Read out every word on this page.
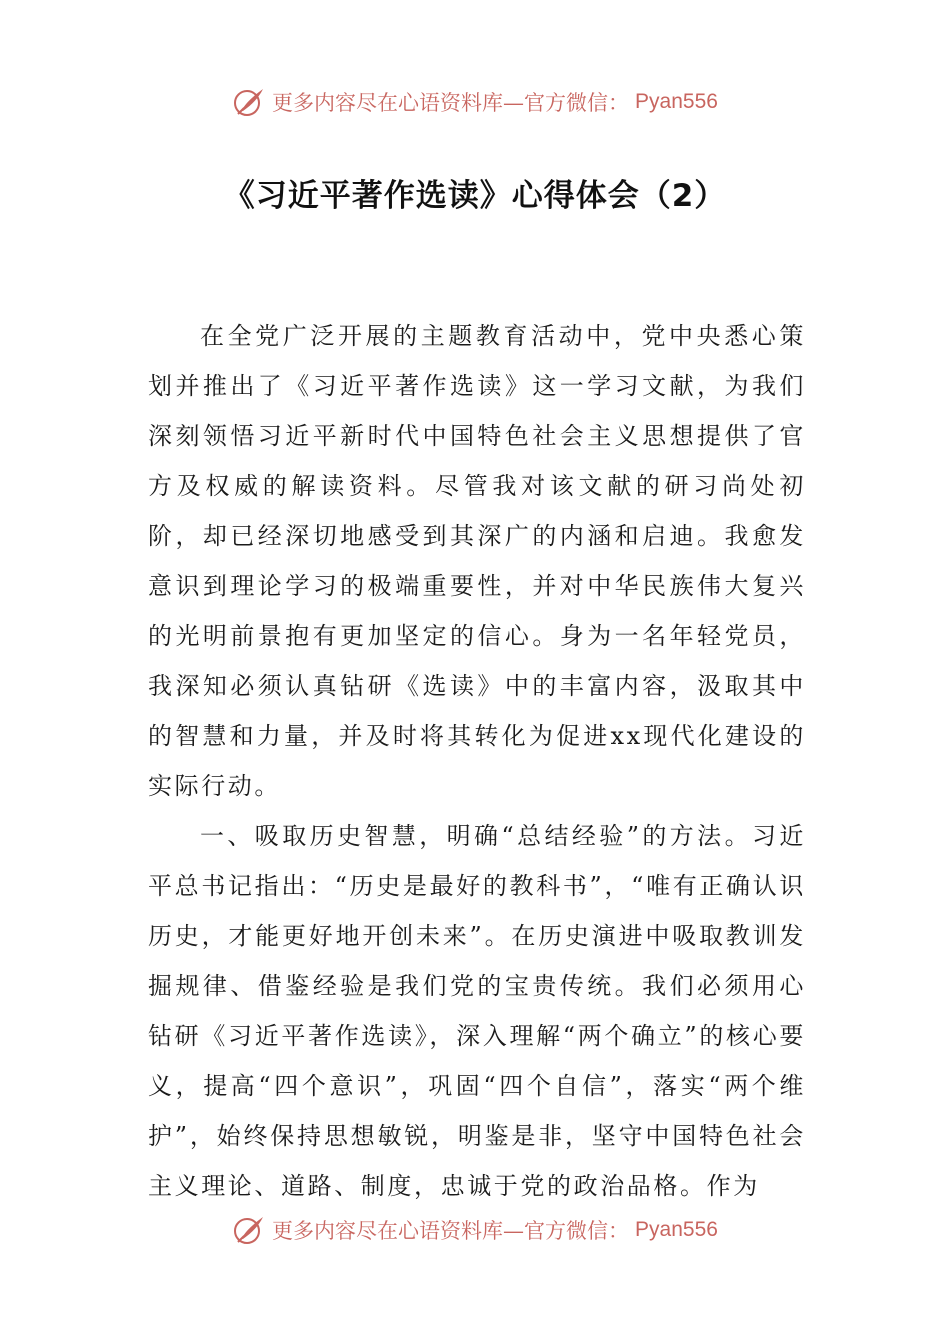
更多内容尽在心语资料库—官方微信： Pyan556
《习近平著作选读》心得体会（2）

在全党广泛开展的主题教育活动中，党中央悉心策划并推出了《习近平著作选读》这一学习文献，为我们深刻领悟习近平新时代中国特色社会主义思想提供了官方及权威的解读资料。尽管我对该文献的研习尚处初阶，却已经深切地感受到其深广的内涵和启迪。我愈发意识到理论学习的极端重要性，并对中华民族伟大复兴的光明前景抱有更加坚定的信心。身为一名年轻党员，我深知必须认真钻研《选读》中的丰富内容，汲取其中的智慧和力量，并及时将其转化为促进xx现代化建设的实际行动。

一、吸取历史智慧，明确“总结经验”的方法。习近平总书记指出：“历史是最好的教科书”，“唯有正确认识历史，才能更好地开创未来”。在历史演进中吸取教训发掘规律、借鉴经验是我们党的宝贵传统。我们必须用心钻研《习近平著作选读》，深入理解“两个确立”的核心要义，提高“四个意识”，巩固“四个自信”，落实“两个维护”，始终保持思想敏锐，明鉴是非，坚守中国特色社会主义理论、道路、制度，忠诚于党的政治品格。作为

更多内容尽在心语资料库—官方微信： Pyan556
